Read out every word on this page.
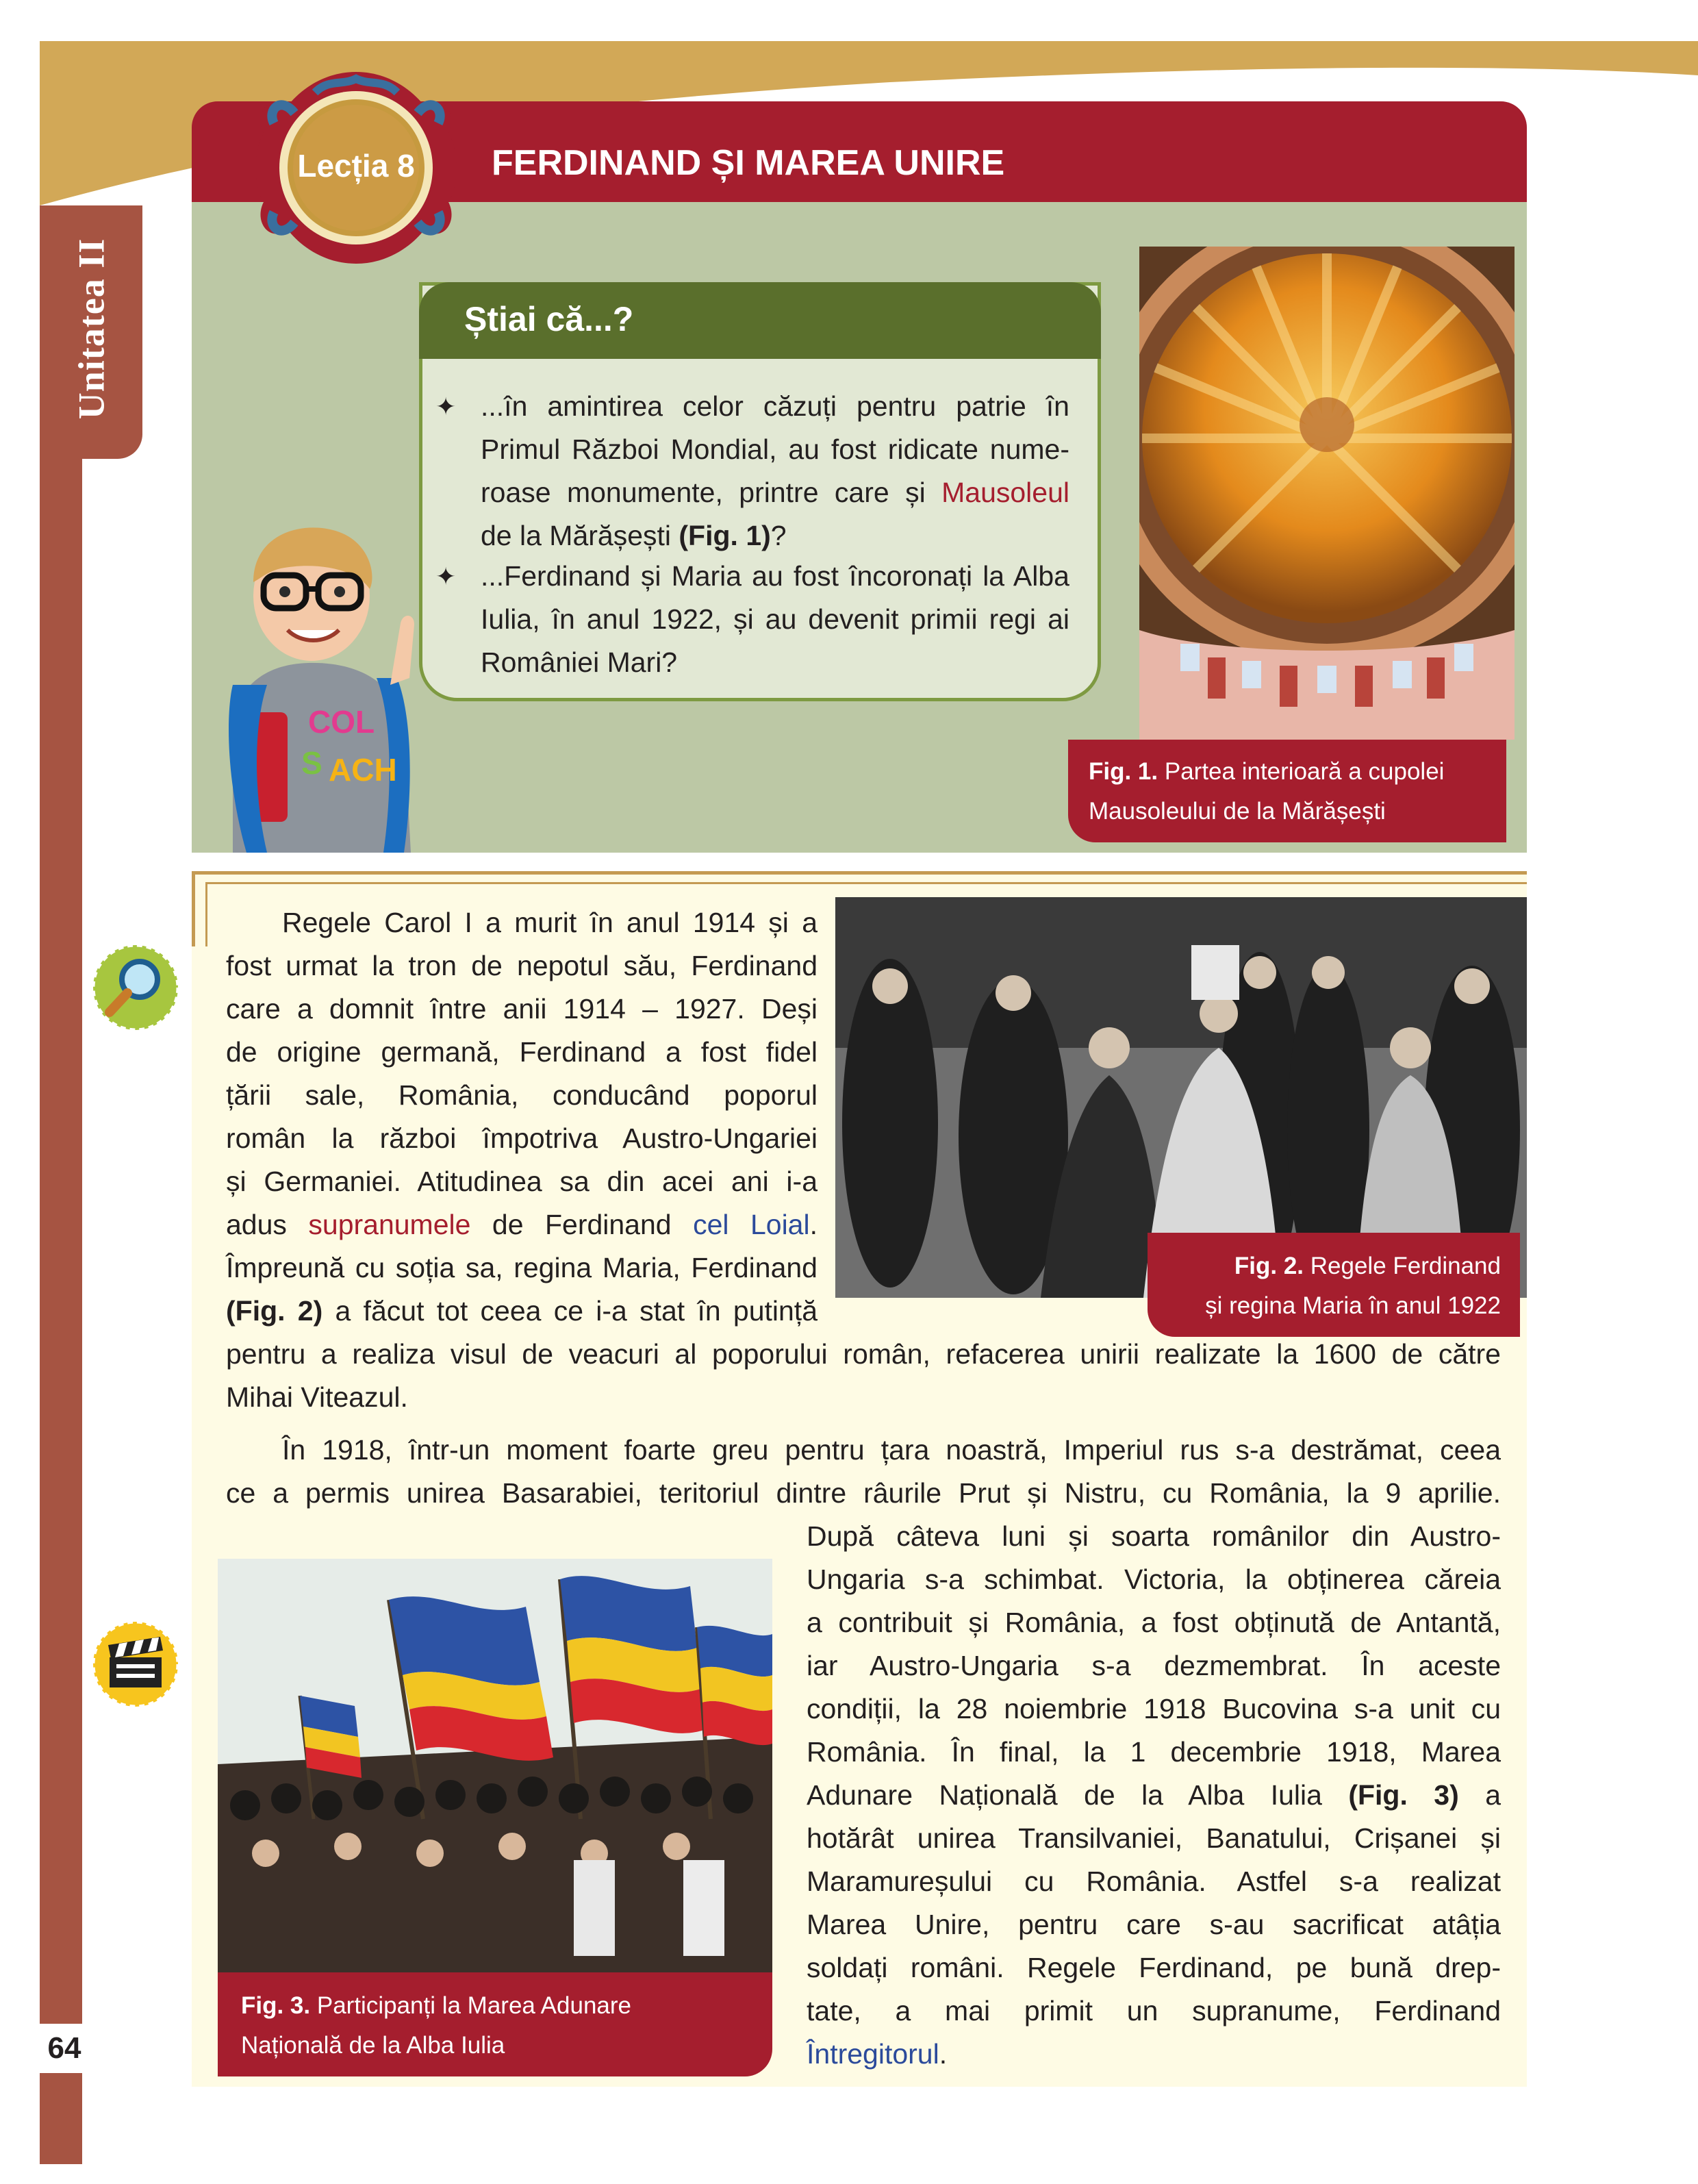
Unitatea II
64
FERDINAND ȘI MAREA UNIRE
Lecția 8
Știai că...?
✦ ...în amintirea celor căzuți pentru patrie în
Primul Război Mondial, au fost ridicate nume-
roase monumente, printre care și Mausoleul
de la Mărășești (Fig. 1)?
✦ ...Ferdinand și Maria au fost încoronați la Alba
Iulia, în anul 1922, și au devenit primii regi ai
României Mari?
COL
S ACH	Fig. 1. Partea interioară a cupolei
Mausoleului de la Mărășești
Fig. 2. Regele Ferdinand
și regina Maria în anul 1922
Regele Carol I a murit în anul 1914 și a
fost urmat la tron de nepotul său, Ferdinand
care a domnit între anii 1914 – 1927. Deși
de origine germană, Ferdinand a fost fidel
țării sale, România, conducând poporul
român la război împotriva Austro-Ungariei
și Germaniei. Atitudinea sa din acei ani i-a
adus supranumele de Ferdinand cel Loial.
Împreună cu soția sa, regina Maria, Ferdinand
(Fig. 2) a făcut tot ceea ce i-a stat în putință
pentru a realiza visul de veacuri al poporului român, refacerea unirii realizate la 1600 de către
Mihai Viteazul.
În 1918, într-un moment foarte greu pentru țara noastră, Imperiul rus s-a destrămat, ceea
ce a permis unirea Basarabiei, teritoriul dintre râurile Prut și Nistru, cu România, la 9 aprilie.
Fig. 3. Participanți la Marea Adunare
Națională de la Alba Iulia
După câteva luni și soarta românilor din Austro-
Ungaria s-a schimbat. Victoria, la obținerea căreia
a contribuit și România, a fost obținută de Antantă,
iar Austro-Ungaria s-a dezmembrat. În aceste
condiții, la 28 noiembrie 1918 Bucovina s-a unit cu
România. În final, la 1 decembrie 1918, Marea
Adunare Națională de la Alba Iulia (Fig. 3) a
hotărât unirea Transilvaniei, Banatului, Crișanei și
Maramureșului cu România. Astfel s-a realizat
Marea Unire, pentru care s-au sacrificat atâția
soldați români. Regele Ferdinand, pe bună drep-
tate, a mai primit un supranume, Ferdinand
Întregitorul.
